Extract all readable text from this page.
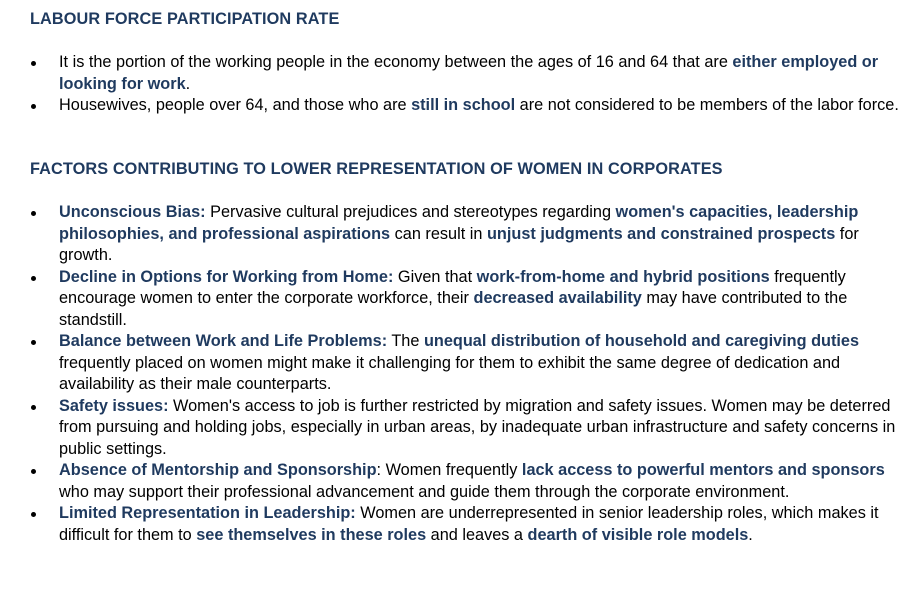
LABOUR FORCE PARTICIPATION RATE
It is the portion of the working people in the economy between the ages of 16 and 64 that are either employed or looking for work.
Housewives, people over 64, and those who are still in school are not considered to be members of the labor force.
FACTORS CONTRIBUTING TO LOWER REPRESENTATION OF WOMEN IN CORPORATES
Unconscious Bias: Pervasive cultural prejudices and stereotypes regarding women's capacities, leadership philosophies, and professional aspirations can result in unjust judgments and constrained prospects for growth.
Decline in Options for Working from Home: Given that work-from-home and hybrid positions frequently encourage women to enter the corporate workforce, their decreased availability may have contributed to the standstill.
Balance between Work and Life Problems: The unequal distribution of household and caregiving duties frequently placed on women might make it challenging for them to exhibit the same degree of dedication and availability as their male counterparts.
Safety issues: Women's access to job is further restricted by migration and safety issues. Women may be deterred from pursuing and holding jobs, especially in urban areas, by inadequate urban infrastructure and safety concerns in public settings.
Absence of Mentorship and Sponsorship: Women frequently lack access to powerful mentors and sponsors who may support their professional advancement and guide them through the corporate environment.
Limited Representation in Leadership: Women are underrepresented in senior leadership roles, which makes it difficult for them to see themselves in these roles and leaves a dearth of visible role models.
